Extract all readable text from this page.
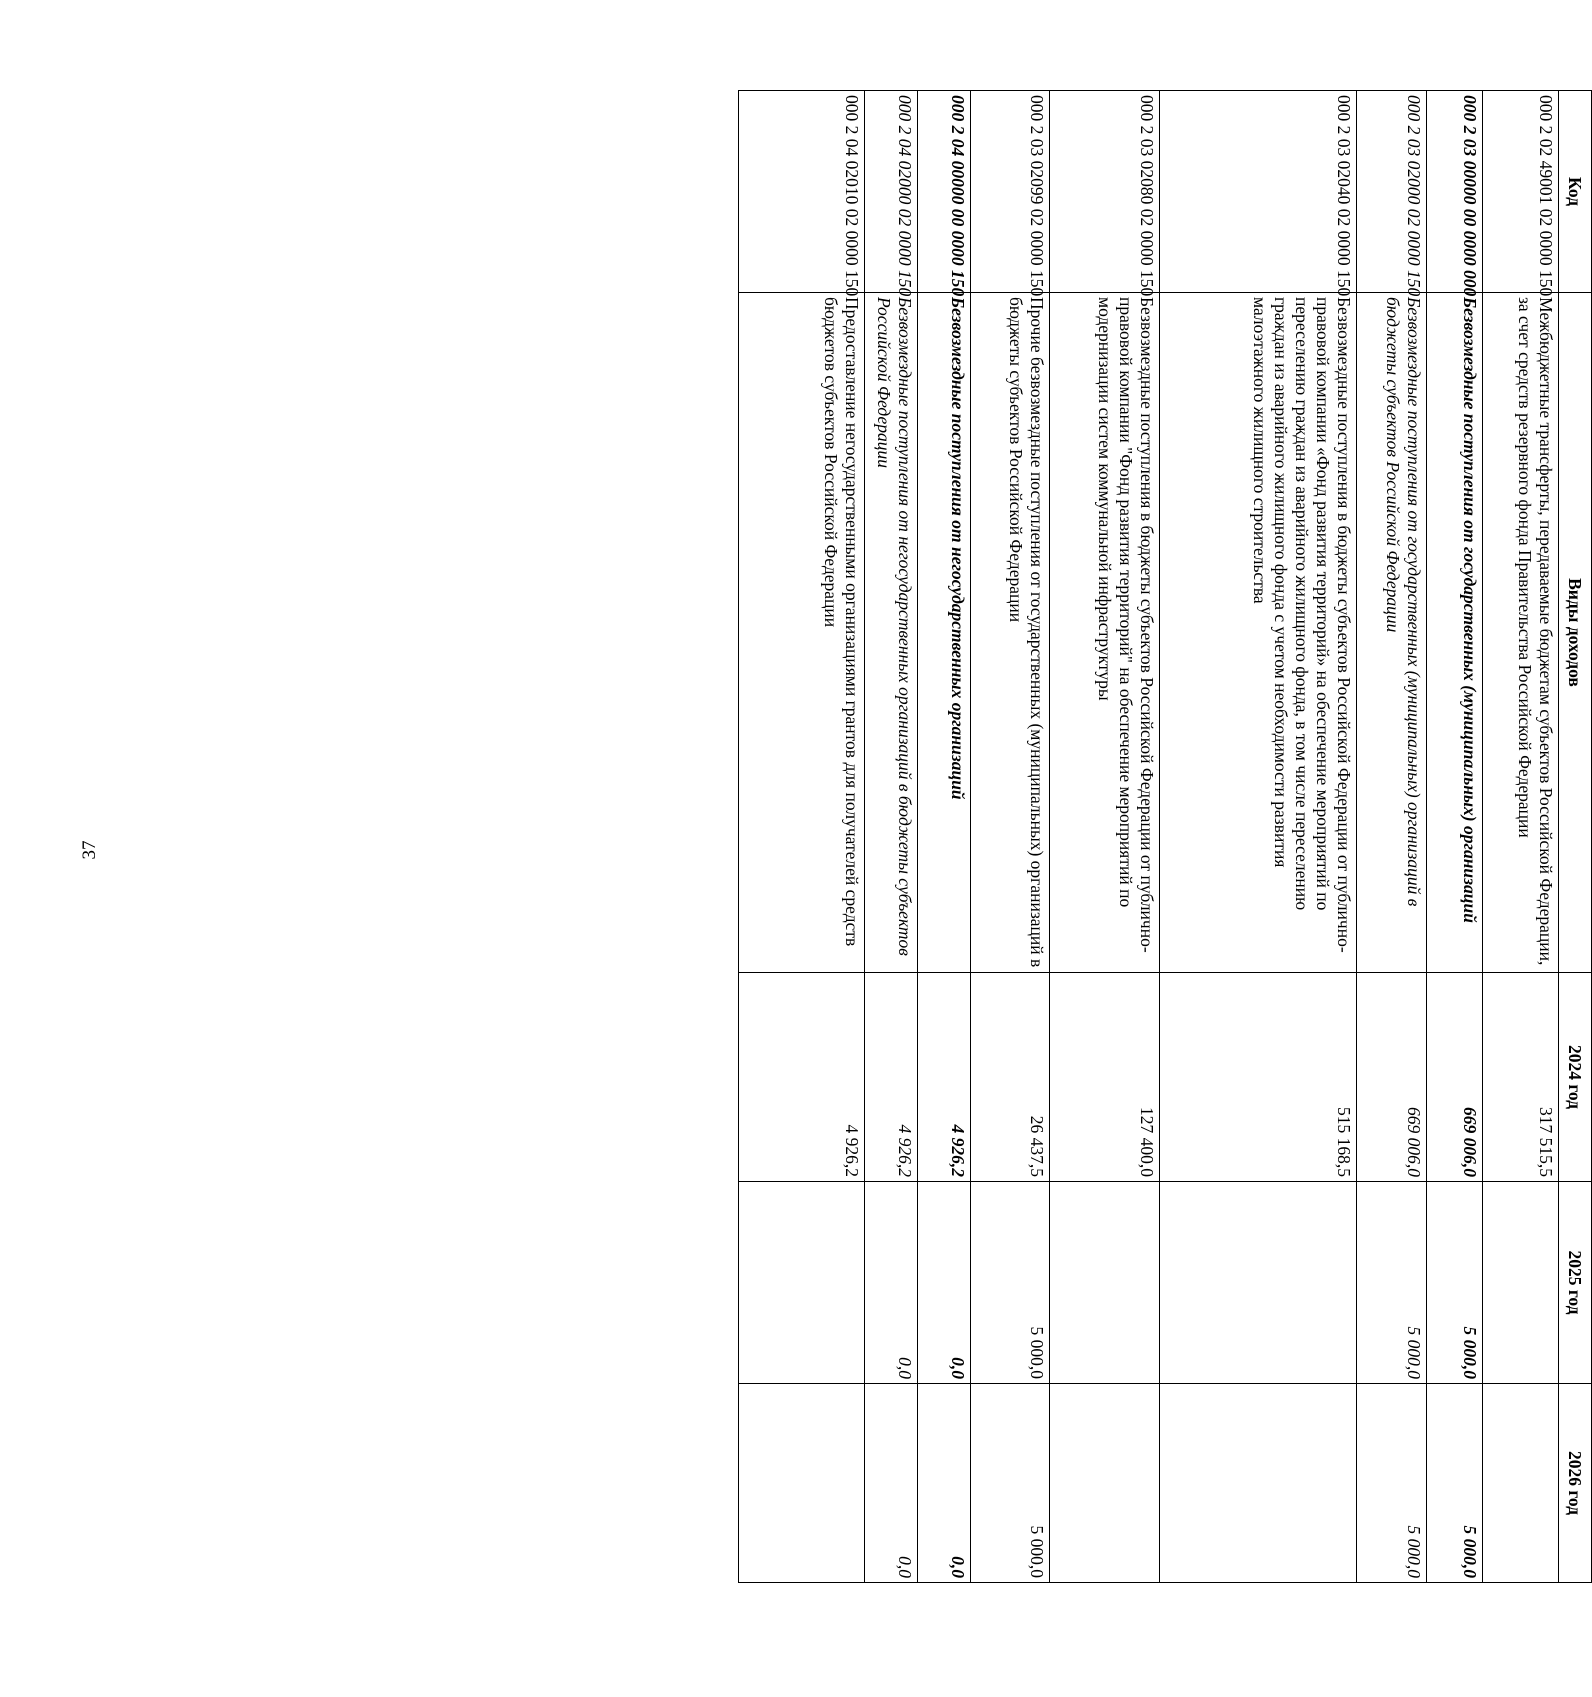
37
Код	Виды доходов	2024 год	2025 год	2026 год
000 2 02 49001 02 0000 150	Межбюджетные трансферты, передаваемые бюджетам субъектов Российской Федерации, за счет средств резервного фонда Правительства Российской Федерации	317 515,5		
000 2 03 00000 00 0000 000	Безвозмездные поступления от государственных (муниципальных) организаций	669 006,0	5 000,0	5 000,0
000 2 03 02000 02 0000 150	Безвозмездные поступления от государственных (муниципальных) организаций в бюджеты субъектов Российской Федерации	669 006,0	5 000,0	5 000,0
000 2 03 02040 02 0000 150	Безвозмездные поступления в бюджеты субъектов Российской Федерации от публично-правовой компании «Фонд развития территорий» на обеспечение мероприятий по переселению граждан из аварийного жилищного фонда, в том числе переселению граждан из аварийного жилищного фонда с учетом необходимости развития малоэтажного жилищного строительства	515 168,5		
000 2 03 02080 02 0000 150	Безвозмездные поступления в бюджеты субъектов Российской Федерации от публично-правовой компании "Фонд развития территорий" на обеспечение мероприятий по модернизации систем коммунальной инфраструктуры	127 400,0		
000 2 03 02099 02 0000 150	Прочие безвозмездные поступления от государственных (муниципальных) организаций в бюджеты субъектов Российской Федерации	26 437,5	5 000,0	5 000,0
000 2 04 00000 00 0000 150	Безвозмездные поступления от негосударственных организаций	4 926,2	0,0	0,0
000 2 04 02000 02 0000 150	Безвозмездные поступления от негосударственных организаций в бюджеты субъектов Российской Федерации	4 926,2	0,0	0,0
000 2 04 02010 02 0000 150	Предоставление негосударственными организациями грантов для получателей средств бюджетов субъектов Российской Федерации	4 926,2		
